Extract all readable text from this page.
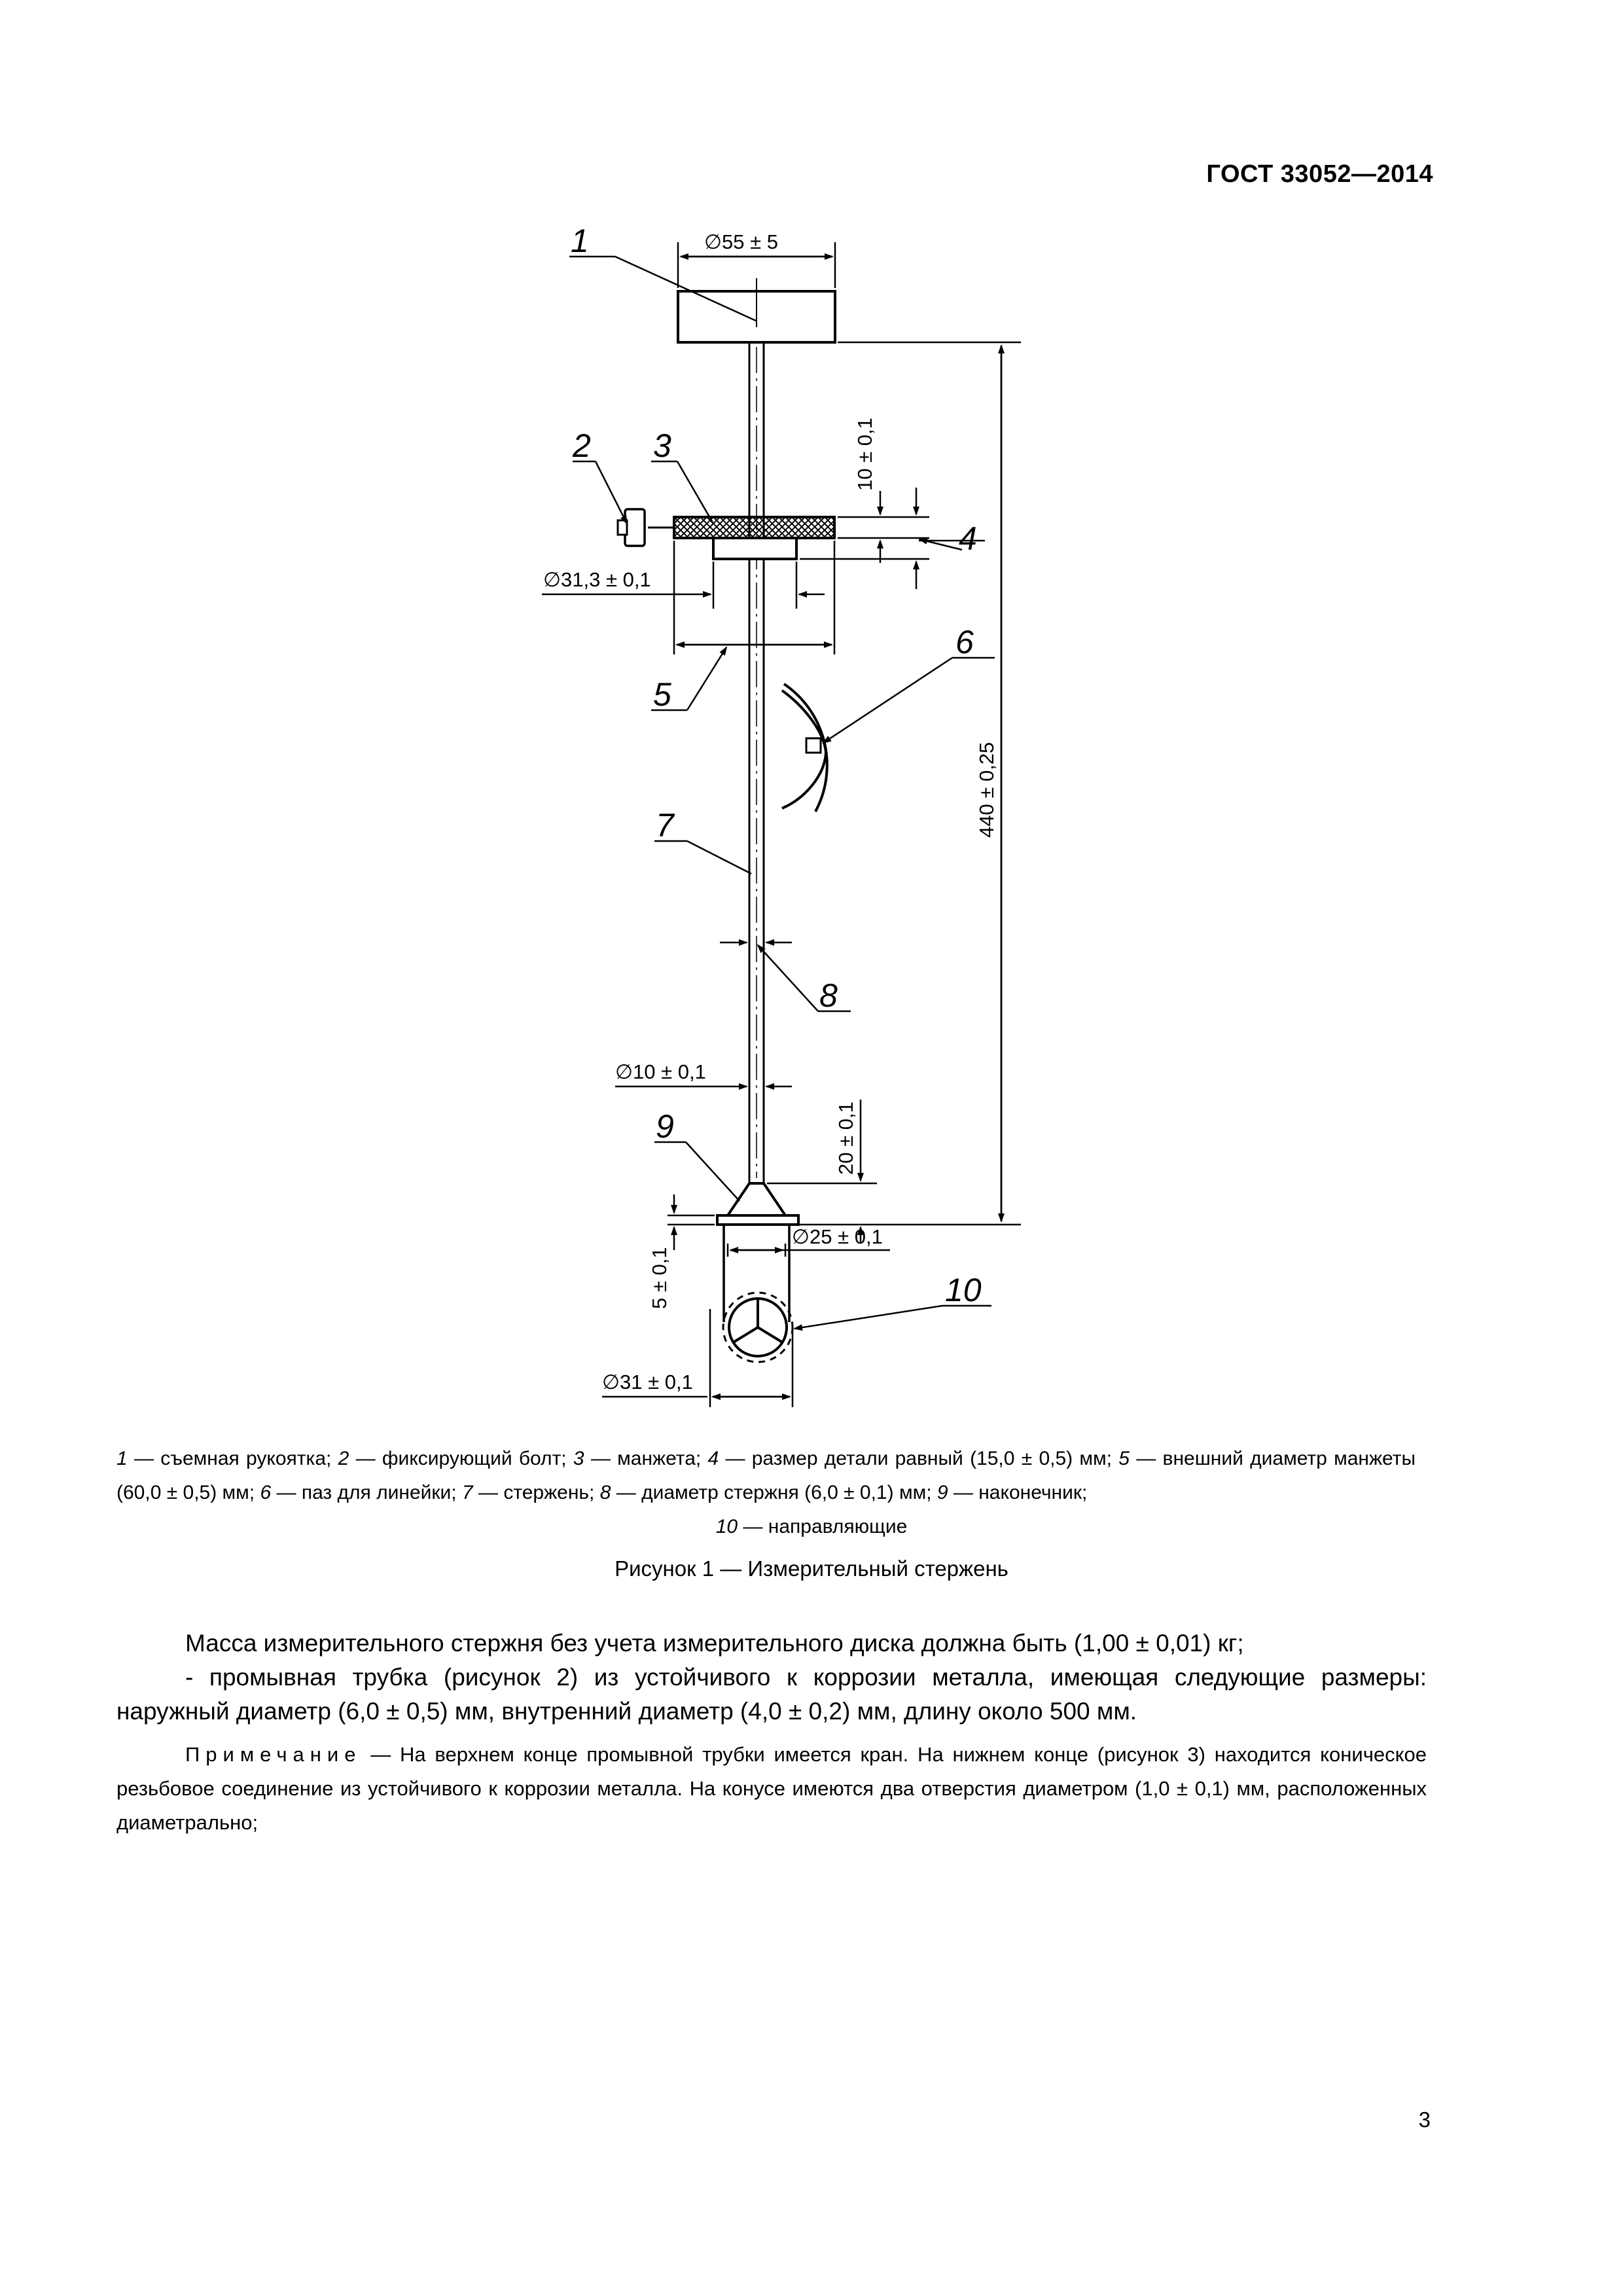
ГОСТ 33052—2014
1
2 3
4
5
6
7
8
9
10
∅55 ± 5
10 ± 0,1
∅31,3 ± 0,1
440 ± 0,25
∅10 ± 0,1
20 ± 0,1
∅25 ± 0,1
5 ± 0,1
∅31 ± 0,1
1 — съемная рукоятка; 2 — фиксирующий болт; 3 — манжета; 4 — размер детали равный (15,0 ± 0,5) мм; 5 — внешний диаметр манжеты (60,0 ± 0,5) мм; 6 — паз для линейки; 7 — стержень; 8 — диаметр стержня (6,0 ± 0,1) мм; 9 — наконечник;
10 — направляющие
Рисунок 1 — Измерительный стержень
Масса измерительного стержня без учета измерительного диска должна быть (1,00 ± 0,01) кг;
- промывная трубка (рисунок 2) из устойчивого к коррозии металла, имеющая следующие размеры: наружный диаметр (6,0 ± 0,5) мм, внутренний диаметр (4,0 ± 0,2) мм, длину около 500 мм.
Примечание — На верхнем конце промывной трубки имеется кран. На нижнем конце (рисунок 3) находится коническое резьбовое соединение из устойчивого к коррозии металла. На конусе имеются два отверстия диаметром (1,0 ± 0,1) мм, расположенных диаметрально;
3
